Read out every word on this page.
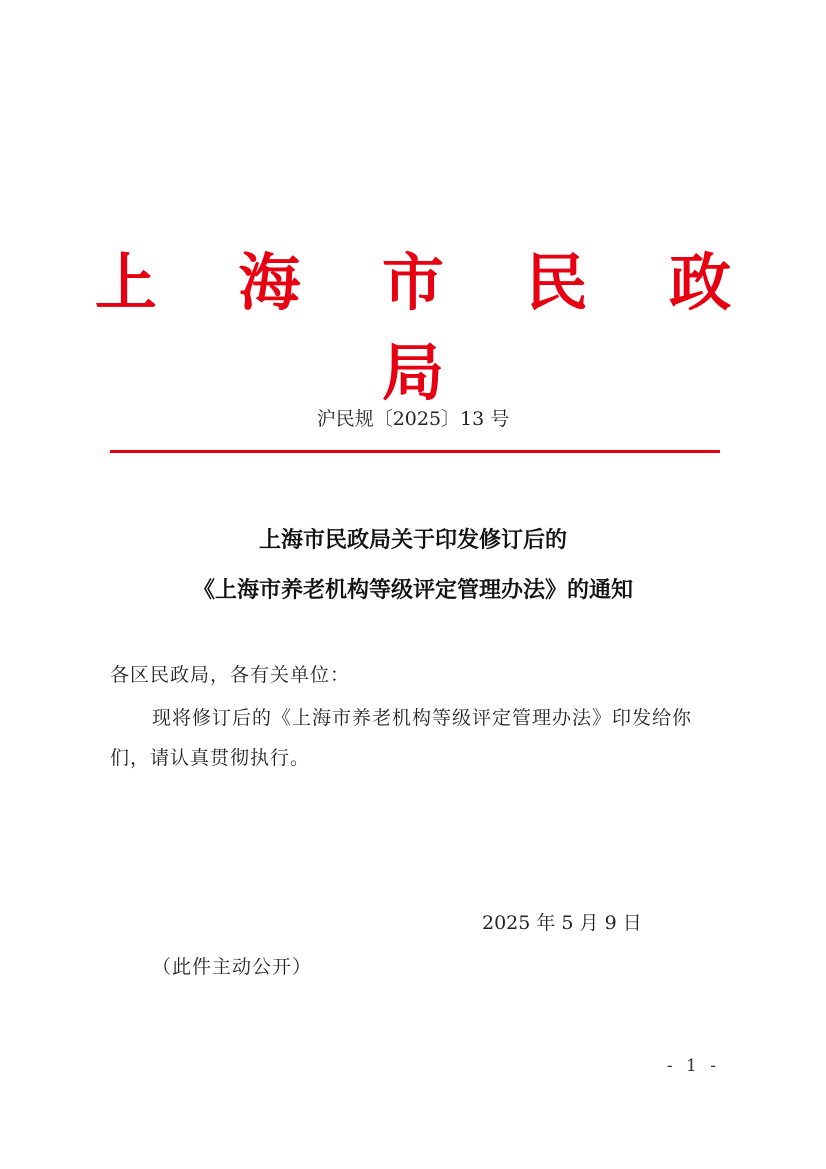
上 海 市 民 政 局
沪民规〔2025〕13 号
上海市民政局关于印发修订后的
《上海市养老机构等级评定管理办法》的通知
各区民政局，各有关单位：
现将修订后的《上海市养老机构等级评定管理办法》印发给你
们，请认真贯彻执行。
2025 年 5 月 9 日
（此件主动公开）
- 1 -
